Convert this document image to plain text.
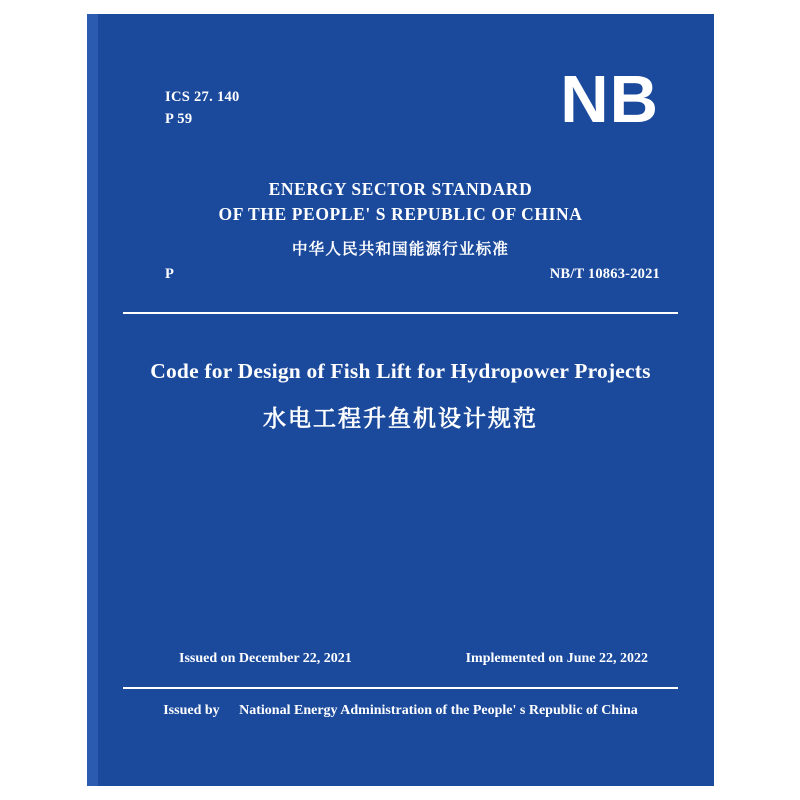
ICS 27. 140
P 59	NB
ENERGY SECTOR STANDARD
OF THE PEOPLE' S REPUBLIC OF CHINA
中华人民共和国能源行业标准
P	NB/T 10863-2021
Code for Design of Fish Lift for Hydropower Projects
水电工程升鱼机设计规范
Issued on December 22, 2021	Implemented on June 22, 2022
Issued by National Energy Administration of the People' s Republic of China
